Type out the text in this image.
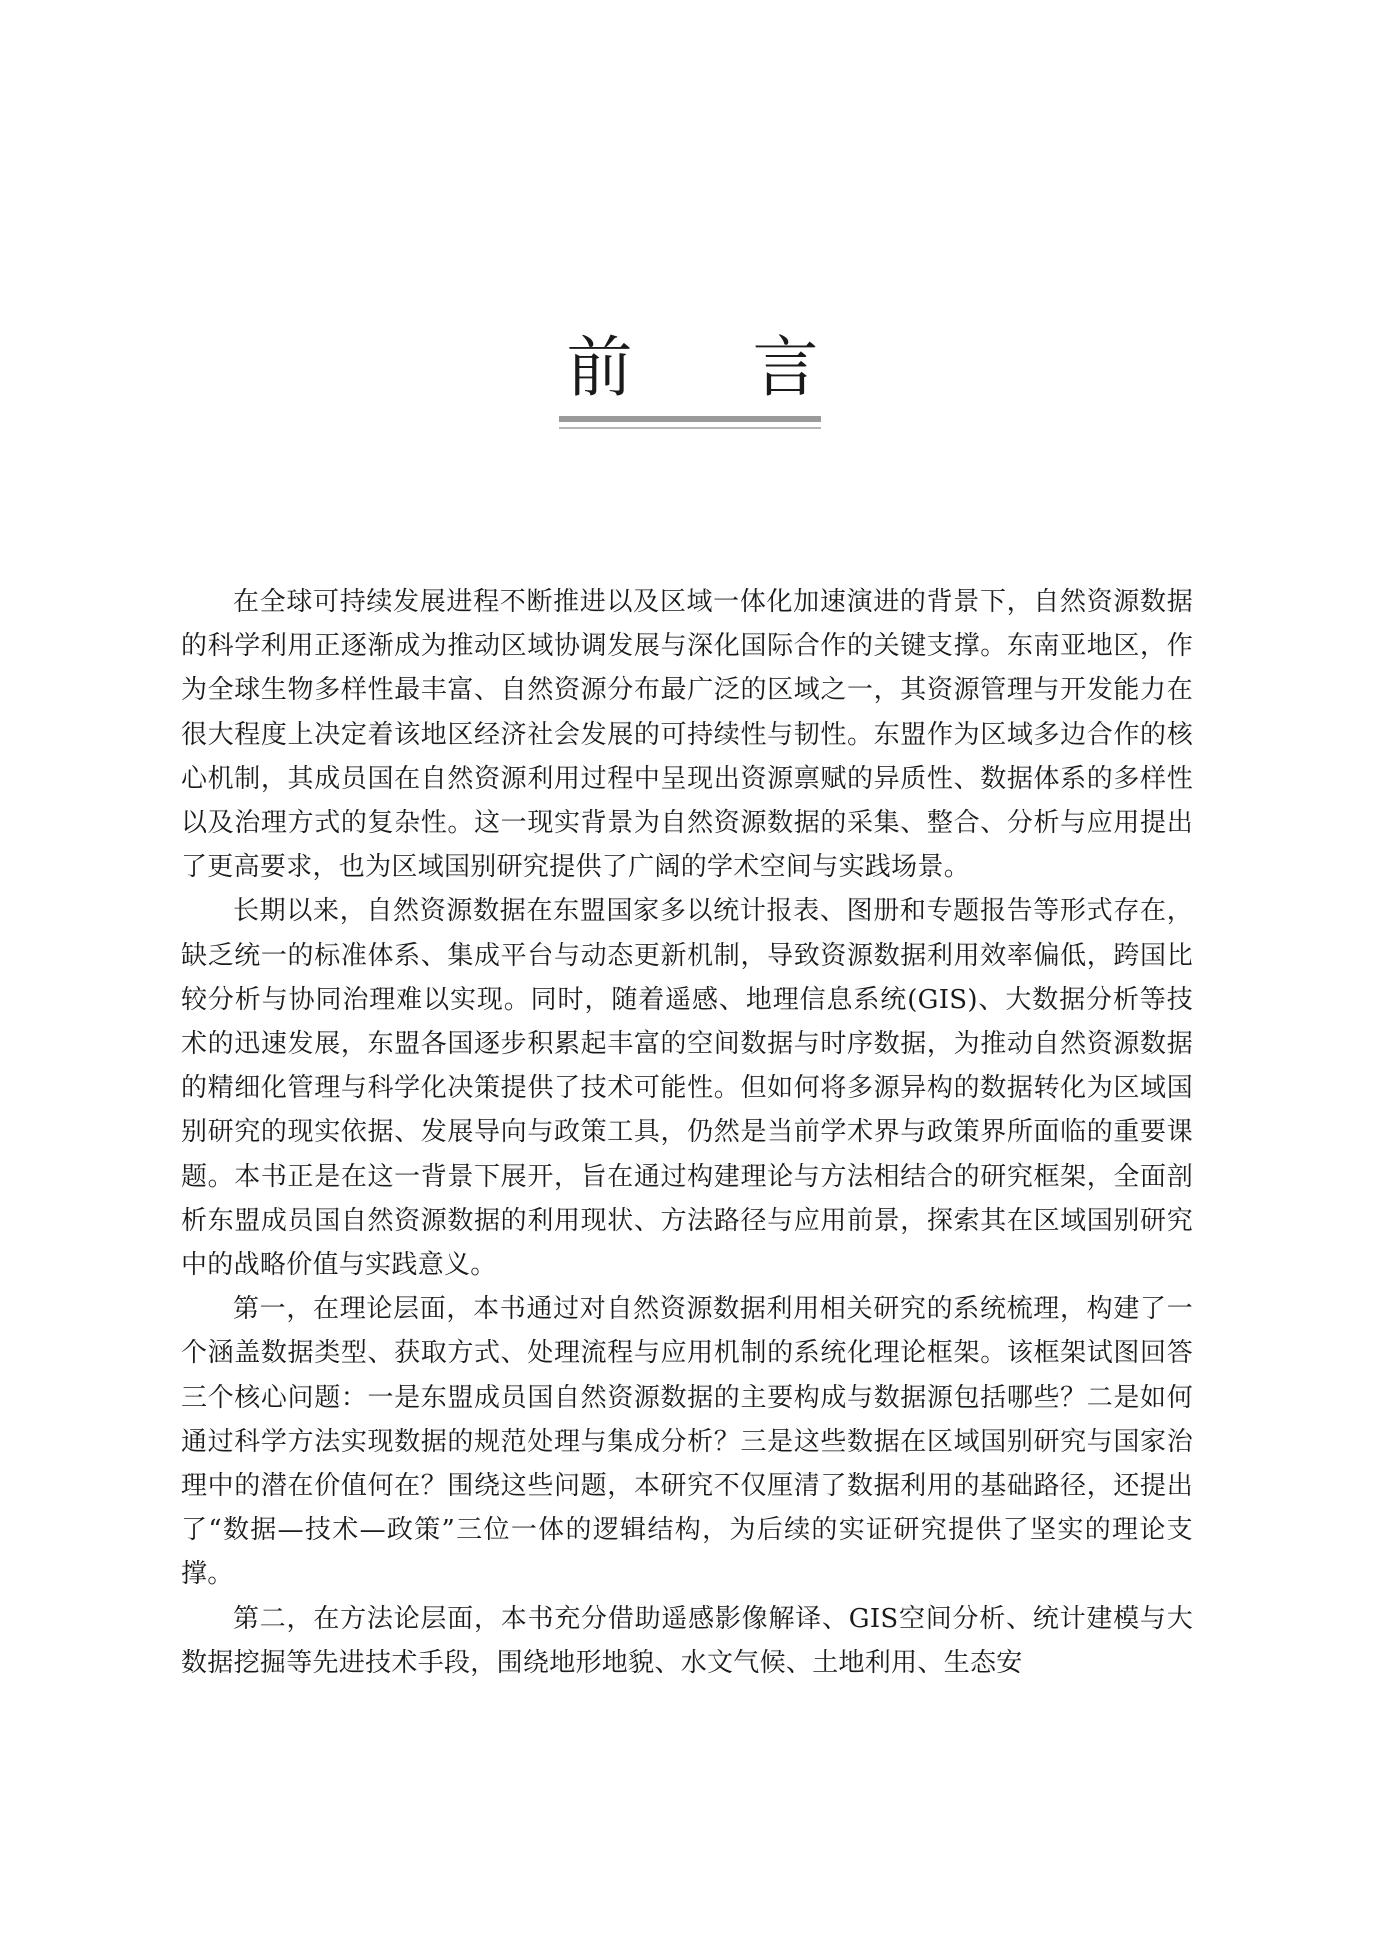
前 言

在全球可持续发展进程不断推进以及区域一体化加速演进的背景下，自然资源数据的科学利用正逐渐成为推动区域协调发展与深化国际合作的关键支撑。东南亚地区，作为全球生物多样性最丰富、自然资源分布最广泛的区域之一，其资源管理与开发能力在很大程度上决定着该地区经济社会发展的可持续性与韧性。东盟作为区域多边合作的核心机制，其成员国在自然资源利用过程中呈现出资源禀赋的异质性、数据体系的多样性以及治理方式的复杂性。这一现实背景为自然资源数据的采集、整合、分析与应用提出了更高要求，也为区域国别研究提供了广阔的学术空间与实践场景。

长期以来，自然资源数据在东盟国家多以统计报表、图册和专题报告等形式存在，缺乏统一的标准体系、集成平台与动态更新机制，导致资源数据利用效率偏低，跨国比较分析与协同治理难以实现。同时，随着遥感、地理信息系统(GIS)、大数据分析等技术的迅速发展，东盟各国逐步积累起丰富的空间数据与时序数据，为推动自然资源数据的精细化管理与科学化决策提供了技术可能性。但如何将多源异构的数据转化为区域国别研究的现实依据、发展导向与政策工具，仍然是当前学术界与政策界所面临的重要课题。本书正是在这一背景下展开，旨在通过构建理论与方法相结合的研究框架，全面剖析东盟成员国自然资源数据的利用现状、方法路径与应用前景，探索其在区域国别研究中的战略价值与实践意义。

第一，在理论层面，本书通过对自然资源数据利用相关研究的系统梳理，构建了一个涵盖数据类型、获取方式、处理流程与应用机制的系统化理论框架。该框架试图回答三个核心问题：一是东盟成员国自然资源数据的主要构成与数据源包括哪些？二是如何通过科学方法实现数据的规范处理与集成分析？三是这些数据在区域国别研究与国家治理中的潜在价值何在？围绕这些问题，本研究不仅厘清了数据利用的基础路径，还提出了“数据—技术—政策”三位一体的逻辑结构，为后续的实证研究提供了坚实的理论支撑。

第二，在方法论层面，本书充分借助遥感影像解译、GIS空间分析、统计建模与大数据挖掘等先进技术手段，围绕地形地貌、水文气候、土地利用、生态安
